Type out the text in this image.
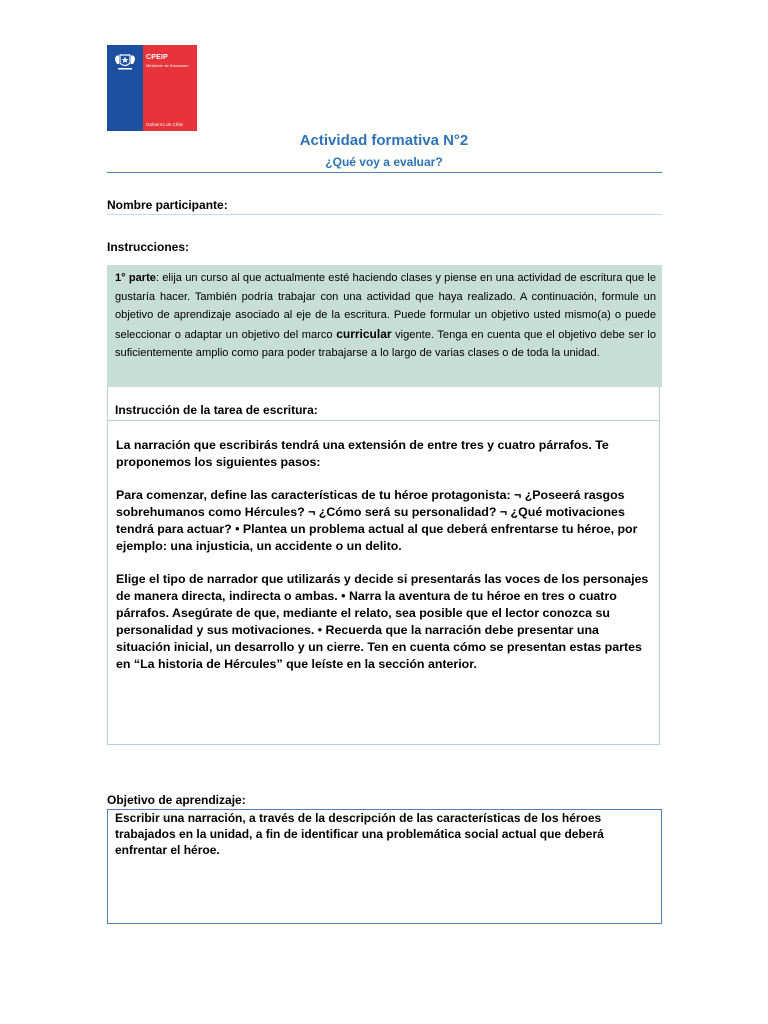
CPEIP
Ministerio de Educación
Gobierno de Chile
Actividad formativa N°2
¿Qué voy a evaluar?
Nombre participante:
Instrucciones:
1° parte: elija un curso al que actualmente esté haciendo clases y piense en una actividad de escritura que le gustaría hacer. También podría trabajar con una actividad que haya realizado. A continuación, formule un objetivo de aprendizaje asociado al eje de la escritura. Puede formular un objetivo usted mismo(a) o puede seleccionar o adaptar un objetivo del marco curricular vigente. Tenga en cuenta que el objetivo debe ser lo suficientemente amplio como para poder trabajarse a lo largo de varias clases o de toda la unidad.
Instrucción de la tarea de escritura:

La narración que escribirás tendrá una extensión de entre tres y cuatro párrafos. Te proponemos los siguientes pasos:

Para comenzar, define las características de tu héroe protagonista: ¬ ¿Poseerá rasgos sobrehumanos como Hércules? ¬ ¿Cómo será su personalidad? ¬ ¿Qué motivaciones tendrá para actuar? • Plantea un problema actual al que deberá enfrentarse tu héroe, por ejemplo: una injusticia, un accidente o un delito.

Elige el tipo de narrador que utilizarás y decide si presentarás las voces de los personajes de manera directa, indirecta o ambas. • Narra la aventura de tu héroe en tres o cuatro párrafos. Asegúrate de que, mediante el relato, sea posible que el lector conozca su personalidad y sus motivaciones. • Recuerda que la narración debe presentar una situación inicial, un desarrollo y un cierre. Ten en cuenta cómo se presentan estas partes en “La historia de Hércules” que leíste en la sección anterior.

Objetivo de aprendizaje:
Escribir una narración, a través de la descripción de las características de los héroes trabajados en la unidad, a fin de identificar una problemática social actual que deberá enfrentar el héroe.
